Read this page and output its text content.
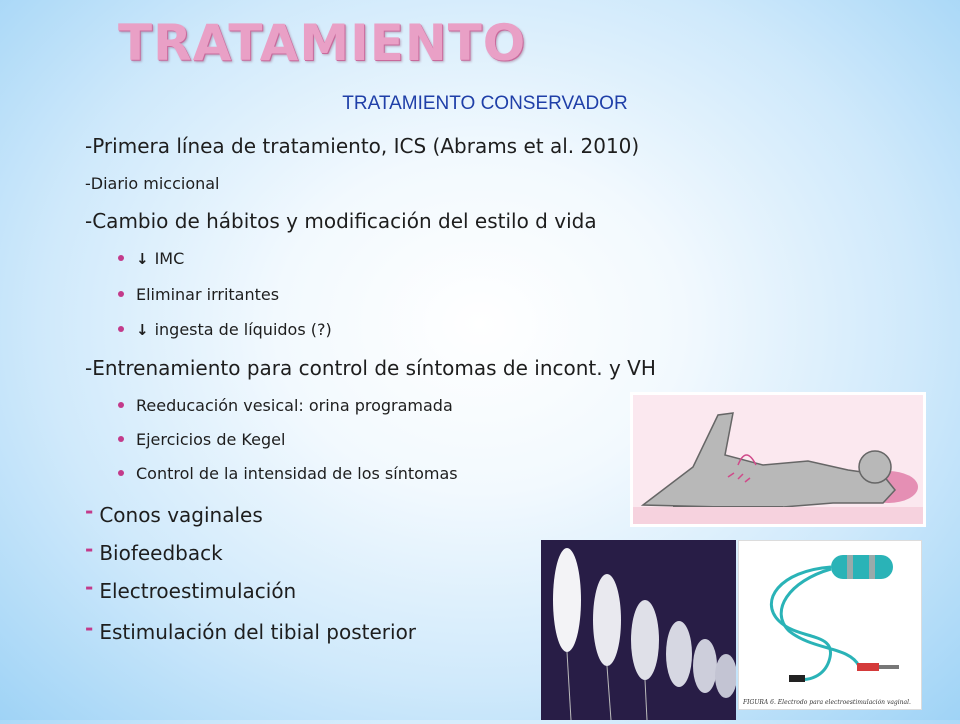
TRATAMIENTO
TRATAMIENTO CONSERVADOR
-Primera línea de tratamiento, ICS (Abrams et al. 2010)
-Diario miccional
-Cambio de hábitos y modificación del estilo d vida
↓ IMC
Eliminar irritantes
↓ ingesta de líquidos (?)
-Entrenamiento para control de síntomas de incont. y VH
Reeducación vesical: orina programada
Ejercicios de Kegel
Control de la intensidad de los síntomas
- Conos vaginales
- Biofeedback
- Electroestimulación
- Estimulación del tibial posterior
FIGURA 6. Electrodo para electroestimulación vaginal.
